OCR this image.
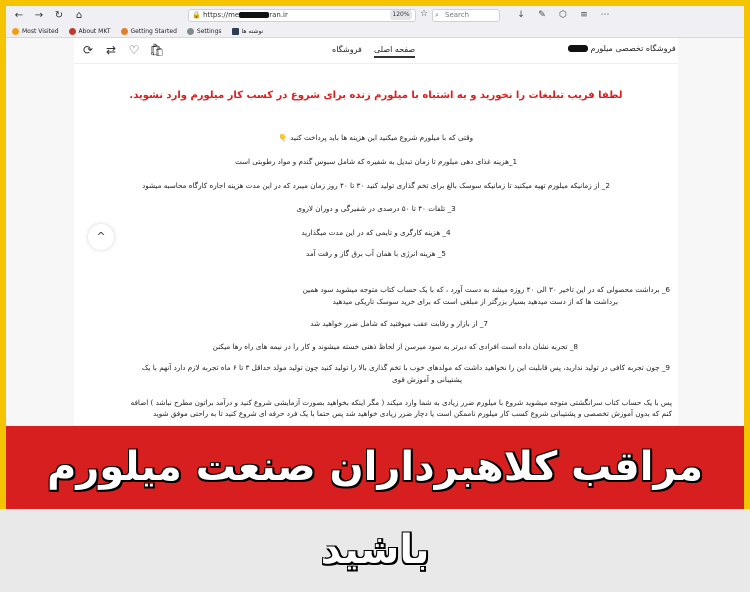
← → ↻	⌂	🔒 https://me	ran.ir	120% ☆ ⌕ Search	↓	✎	⬡	≡	⋯
Most Visited	About MKT	Getting Started	Settings	نوشته ها
⟳ ⇄ ♡ 🛍	صفحه اصلی
فروشگاه	فروشگاه تخصصی میلورم
لطفا فریب تبلیغات را نخورید و به اشتباه با میلورم زنده برای شروع در کسب کار میلورم وارد نشوید.
وقتی که با میلورم شروع میکنید این هزینه ها باید پرداخت کنید 👇
1_هزینه غذای دهی میلورم تا زمان تبدیل به شفیره که شامل سبوس گندم و مواد رطوبتی است
2_ از زمانیکه میلورم تهیه میکنید تا زمانیکه سوسک بالغ برای تخم گذاری تولید کنید ۳۰ تا ۴۰ روز زمان میبرد که در این مدت هزینه اجاره کارگاه محاسبه میشود
3_ تلفات ۴۰ تا ۵۰ درصدی در شفیرگی و دوران لاروی
4_ هزینه کارگری و تایمی که در این مدت میگذارید
5_ هزینه انرژی با همان آب برق گاز و رفت آمد
6_ برداشت محصولی که در این تاخیر ۳۰ الی ۴۰ روزه میشد به دست آورد ، که با یک حساب کتاب متوجه میشوید سود همین
برداشت ها که از دست میدهید بسیار بزرگتر از مبلغی است که برای خرید سوسک تاریکی میدهید
7_ از بازار و رقابت عقب میوفتید که شامل ضرر خواهید شد
8_ تجربه نشان داده است افرادی که دیرتر به سود میرسن از لحاظ ذهنی خسته میشوند و کار را در نیمه های راه رها میکنن
9_ چون تجربه کافی در تولید ندارید، پس قابلیت این را نخواهید داشت که مولدهای خوب با تخم گذاری بالا را تولید کنید چون تولید مولد حداقل ۳ تا ۶ ماه تجربه لازم دارد آنهم با یک
پشتیبانی و آموزش قوی
پس با یک حساب کتاب سرانگشتی متوجه میشوید شروع با میلورم ضرر زیادی به شما وارد میکند ( مگر اینکه بخواهید بصورت آزمایشی شروع کنید و درآمد براتون مطرح نباشد ) اضافه
کنم که بدون آموزش تخصصی و پشتیبانی شروع کسب کار میلورم ناممکن است یا دچار ضرر زیادی خواهید شد پس حتما با یک فرد حرفه ای شروع کنید تا به راحتی موفق شوید
^
مراقب کلاهبرداران صنعت میلورم باشید
